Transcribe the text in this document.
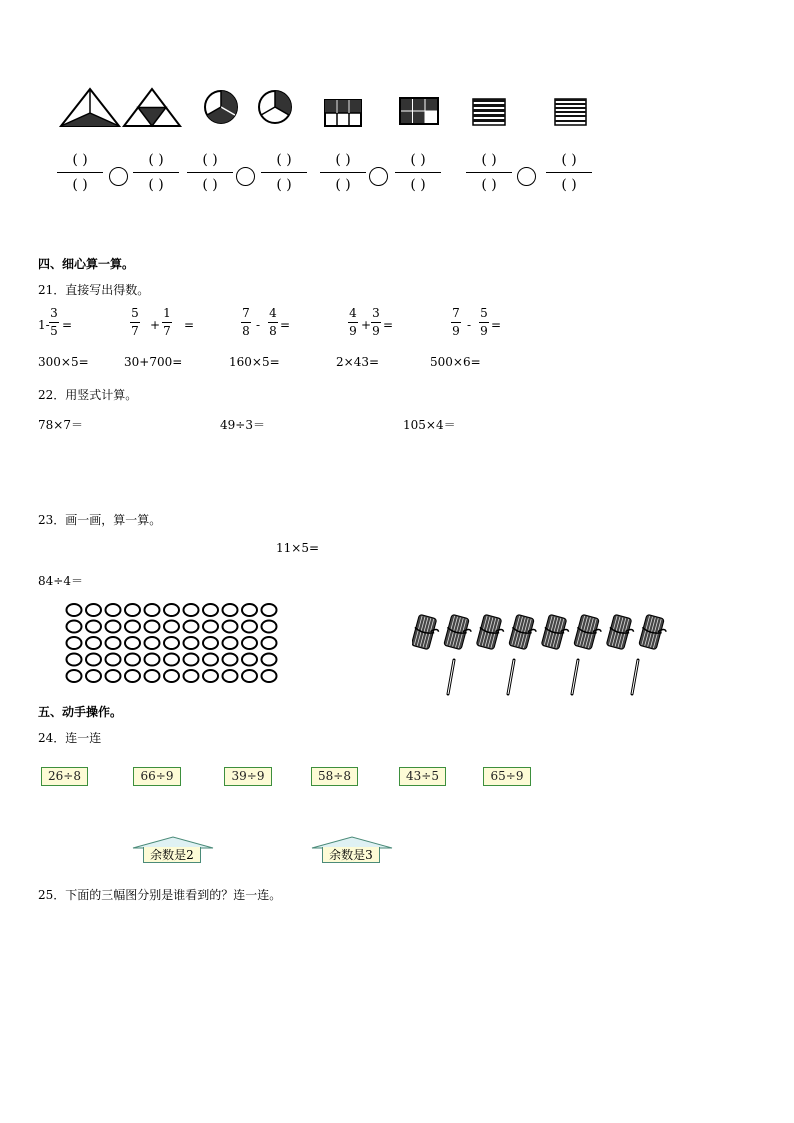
( )
( )
( )
( )
( )
( )
( )
( )
( )
( )
( )
( )
( )
( )
( )
( )
四、细心算一算。
21．直接写出得数。
1-
3
5 =
5
7 +
1
7 =
7
8 -
4
8 =
4
9 +
3
9 =
7
9 -
5
9 =
300×5=	30+700=	160×5=	2×43=	500×6=
22．用竖式计算。
78×7＝	49÷3＝	105×4＝
23．画一画，算一算。
11×5=
84÷4＝
五、动手操作。
24．连一连
26÷8	66÷9	39÷9	58÷8	43÷5	65÷9
余数是2	余数是3
25．下面的三幅图分别是谁看到的？连一连。
